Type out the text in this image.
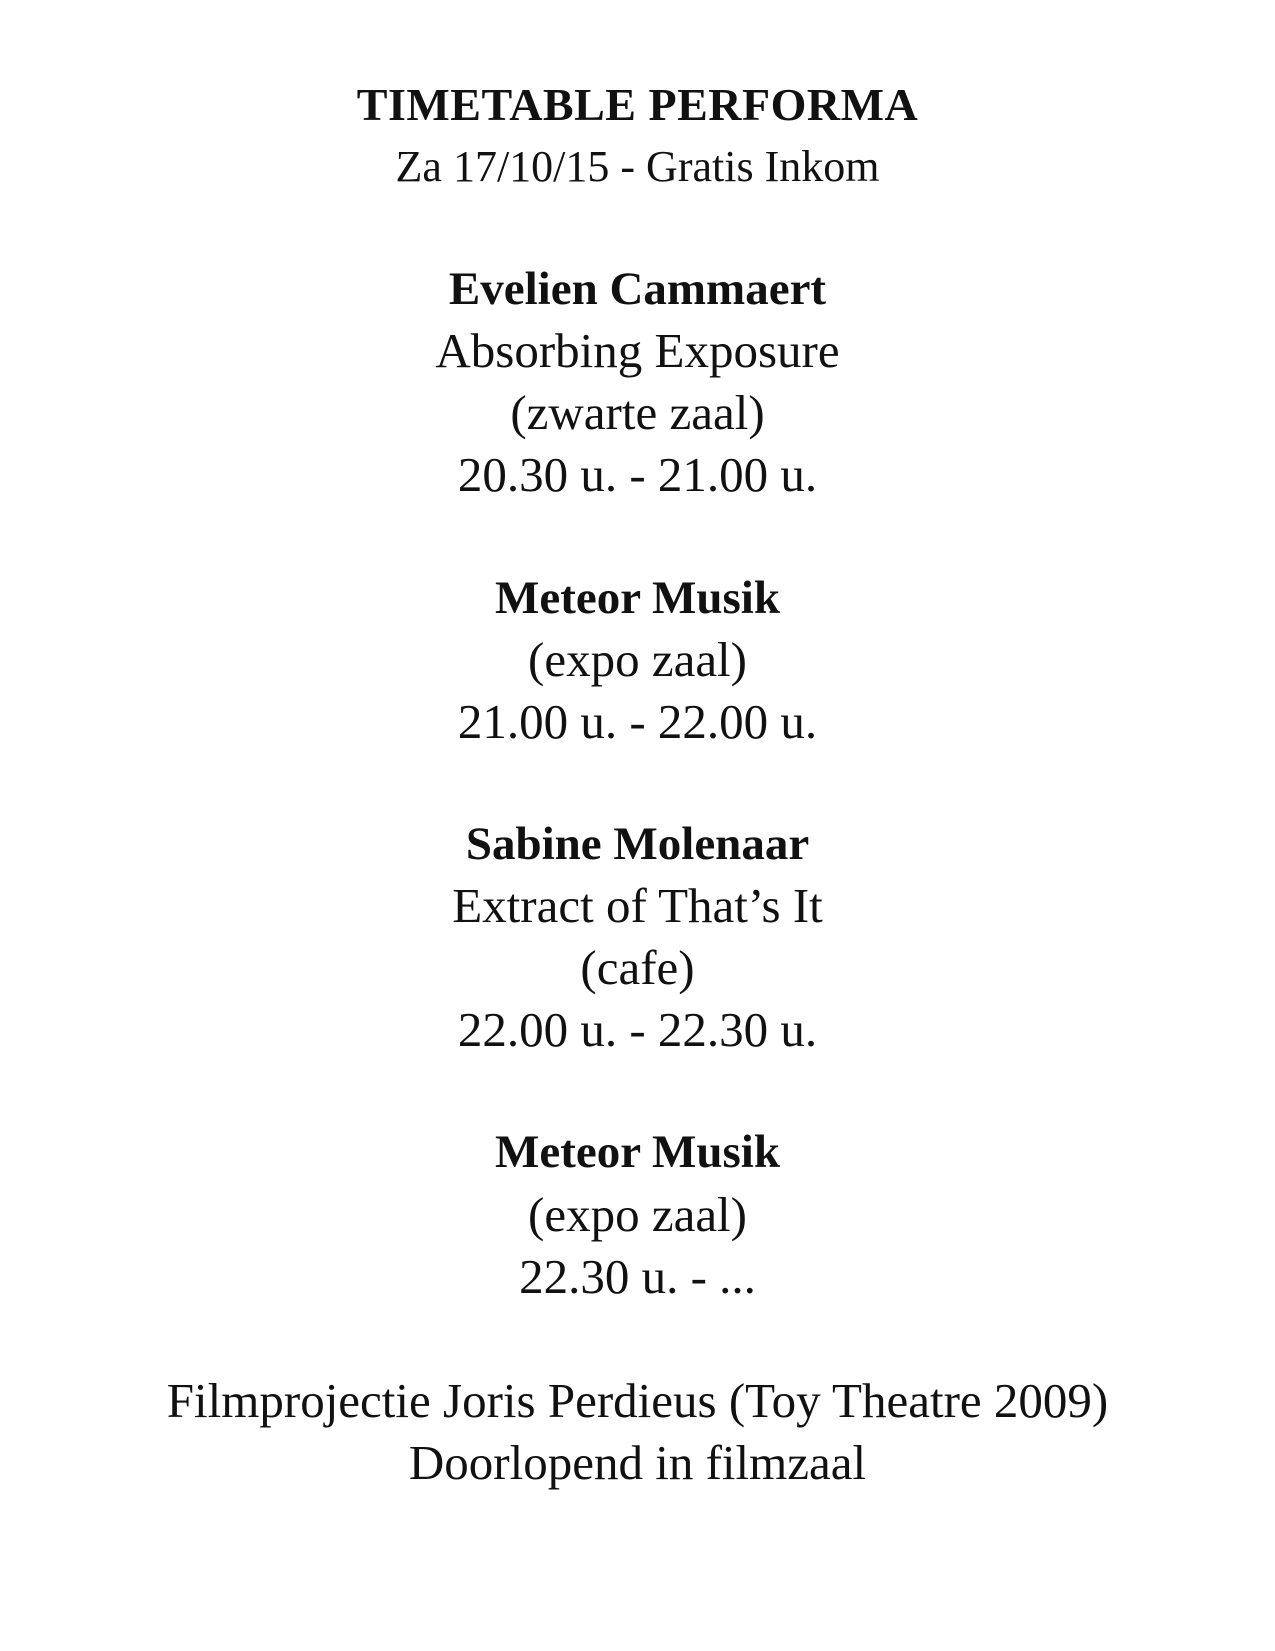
TIMETABLE PERFORMA
Za 17/10/15 - Gratis Inkom
Evelien Cammaert
Absorbing Exposure
(zwarte zaal)
20.30 u. - 21.00 u.
Meteor Musik
(expo zaal)
21.00 u. - 22.00 u.
Sabine Molenaar
Extract of That’s It
(cafe)
22.00 u. - 22.30 u.
Meteor Musik
(expo zaal)
22.30 u. - ...
Filmprojectie Joris Perdieus (Toy Theatre 2009)
Doorlopend in filmzaal
